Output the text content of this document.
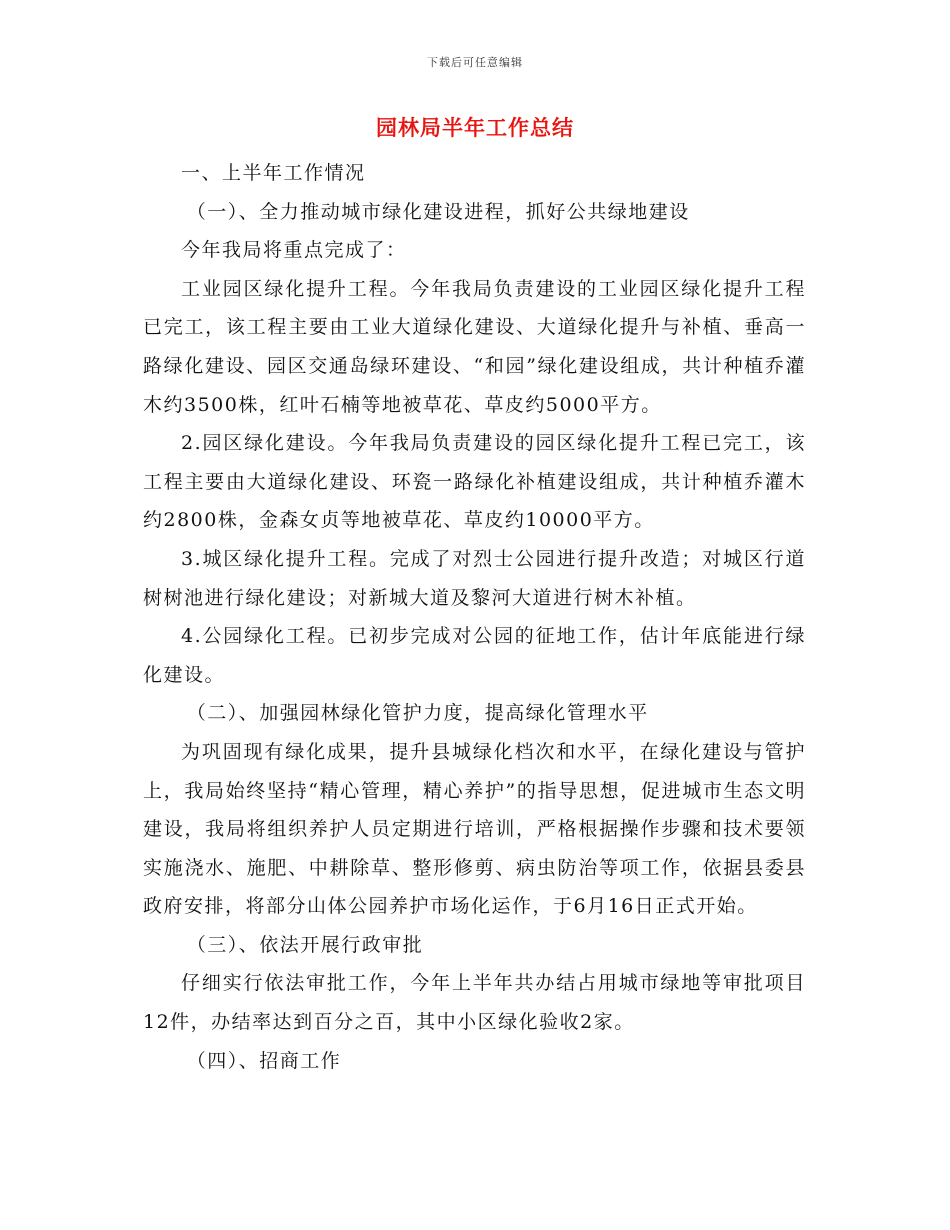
下载后可任意编辑
园林局半年工作总结

一、上半年工作情况

（一）、全力推动城市绿化建设进程，抓好公共绿地建设

今年我局将重点完成了：

工业园区绿化提升工程。今年我局负责建设的工业园区绿化提升工程已完工，该工程主要由工业大道绿化建设、大道绿化提升与补植、垂高一路绿化建设、园区交通岛绿环建设、“和园”绿化建设组成，共计种植乔灌木约3500株，红叶石楠等地被草花、草皮约5000平方。

2.园区绿化建设。今年我局负责建设的园区绿化提升工程已完工，该工程主要由大道绿化建设、环瓷一路绿化补植建设组成，共计种植乔灌木约2800株，金森女贞等地被草花、草皮约10000平方。

3.城区绿化提升工程。完成了对烈士公园进行提升改造；对城区行道树树池进行绿化建设；对新城大道及黎河大道进行树木补植。

4.公园绿化工程。已初步完成对公园的征地工作，估计年底能进行绿化建设。

（二）、加强园林绿化管护力度，提高绿化管理水平

为巩固现有绿化成果，提升县城绿化档次和水平，在绿化建设与管护上，我局始终坚持“精心管理，精心养护”的指导思想，促进城市生态文明建设，我局将组织养护人员定期进行培训，严格根据操作步骤和技术要领实施浇水、施肥、中耕除草、整形修剪、病虫防治等项工作，依据县委县政府安排，将部分山体公园养护市场化运作，于6月16日正式开始。

（三）、依法开展行政审批

仔细实行依法审批工作，今年上半年共办结占用城市绿地等审批项目12件，办结率达到百分之百，其中小区绿化验收2家。

（四）、招商工作
